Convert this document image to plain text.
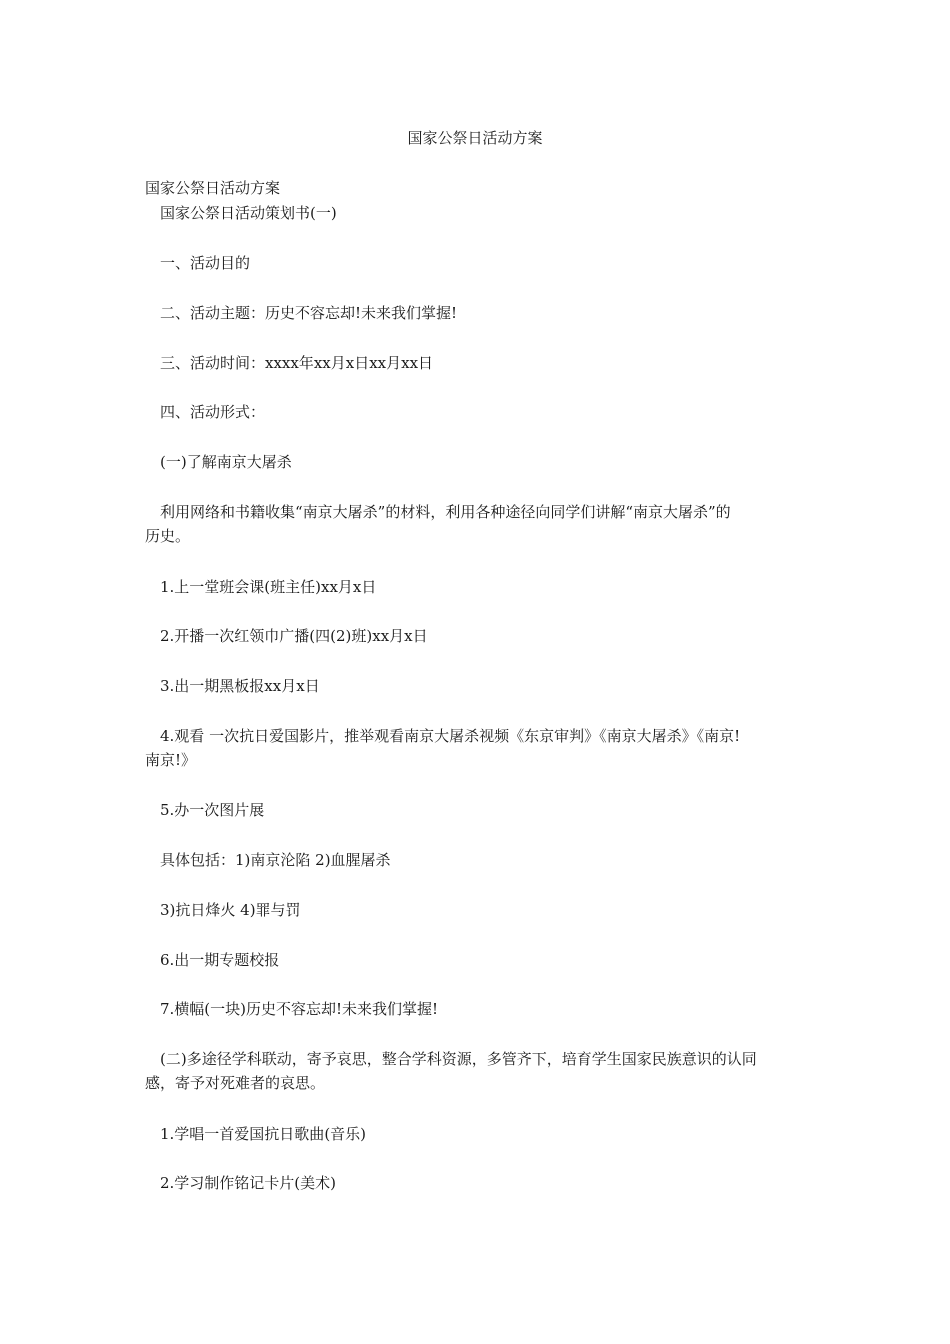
国家公祭日活动方案
国家公祭日活动方案
国家公祭日活动策划书(一)
一、活动目的
二、活动主题：历史不容忘却!未来我们掌握!
三、活动时间：xxxx年xx月x日xx月xx日
四、活动形式：
(一)了解南京大屠杀
利用网络和书籍收集“南京大屠杀”的材料，利用各种途径向同学们讲解“南京大屠杀”的
历史。
1.上一堂班会课(班主任)xx月x日
2.开播一次红领巾广播(四(2)班)xx月x日
3.出一期黑板报xx月x日
4.观看 一次抗日爱国影片，推举观看南京大屠杀视频《东京审判》《南京大屠杀》《南京!
南京!》
5.办一次图片展
具体包括：1)南京沦陷 2)血腥屠杀
3)抗日烽火 4)罪与罚
6.出一期专题校报
7.横幅(一块)历史不容忘却!未来我们掌握!
(二)多途径学科联动，寄予哀思，整合学科资源，多管齐下，培育学生国家民族意识的认同
感，寄予对死难者的哀思。
1.学唱一首爱国抗日歌曲(音乐)
2.学习制作铭记卡片(美术)
